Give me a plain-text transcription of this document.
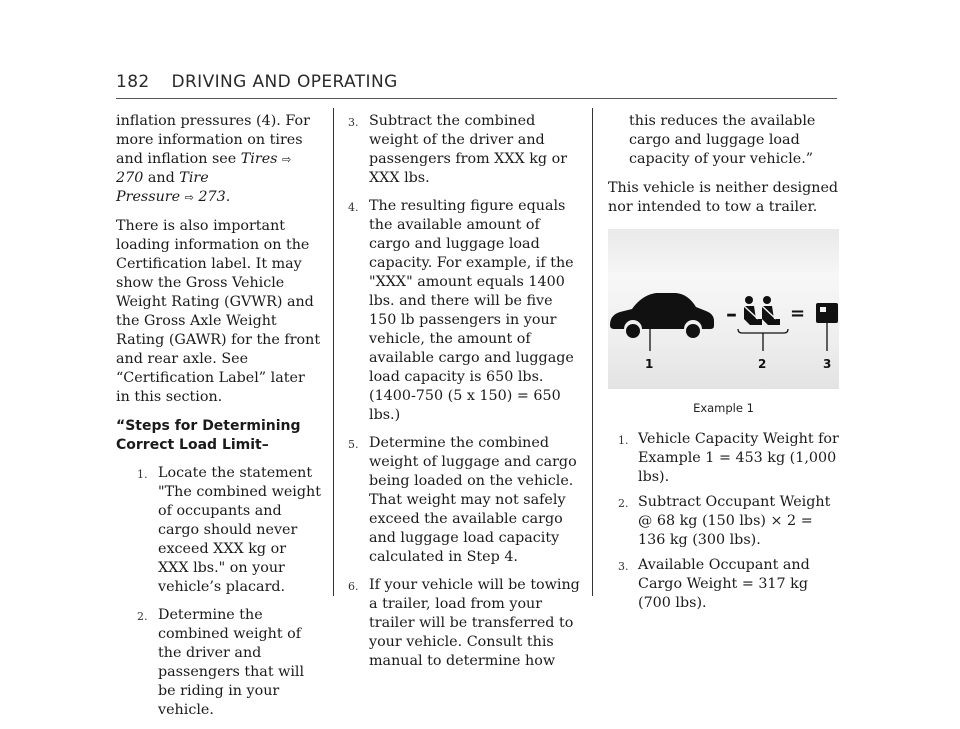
182 DRIVING AND OPERATING

inflation pressures (4). For more information on tires and inflation see Tires ⇨ 270 and Tire
Pressure ⇨ 273.

There is also important loading information on the Certification label. It may show the Gross Vehicle Weight Rating (GVWR) and the Gross Axle Weight Rating (GAWR) for the front and rear axle. See “Certification Label” later in this section.

“Steps for Determining Correct Load Limit–
1. Locate the statement "The combined weight of occupants and cargo should never exceed XXX kg or XXX lbs." on your vehicle’s placard.
2. Determine the combined weight of the driver and passengers that will be riding in your vehicle.
3. Subtract the combined weight of the driver and passengers from XXX kg or XXX lbs.
4. The resulting figure equals the available amount of cargo and luggage load capacity. For example, if the "XXX" amount equals 1400 lbs. and there will be five 150 lb passengers in your vehicle, the amount of available cargo and luggage load capacity is 650 lbs. (1400-750 (5 x 150) = 650 lbs.)
5. Determine the combined weight of luggage and cargo being loaded on the vehicle. That weight may not safely exceed the available cargo and luggage load capacity calculated in Step 4.
6. If your vehicle will be towing a trailer, load from your trailer will be transferred to your vehicle. Consult this manual to determine how

this reduces the available cargo and luggage load capacity of your vehicle.”

This vehicle is neither designed nor intended to tow a trailer.

–	=
1	2	3
Example 1
1. Vehicle Capacity Weight for Example 1 = 453 kg (1,000 lbs).
2. Subtract Occupant Weight @ 68 kg (150 lbs) × 2 = 136 kg (300 lbs).
3. Available Occupant and Cargo Weight = 317 kg (700 lbs).
